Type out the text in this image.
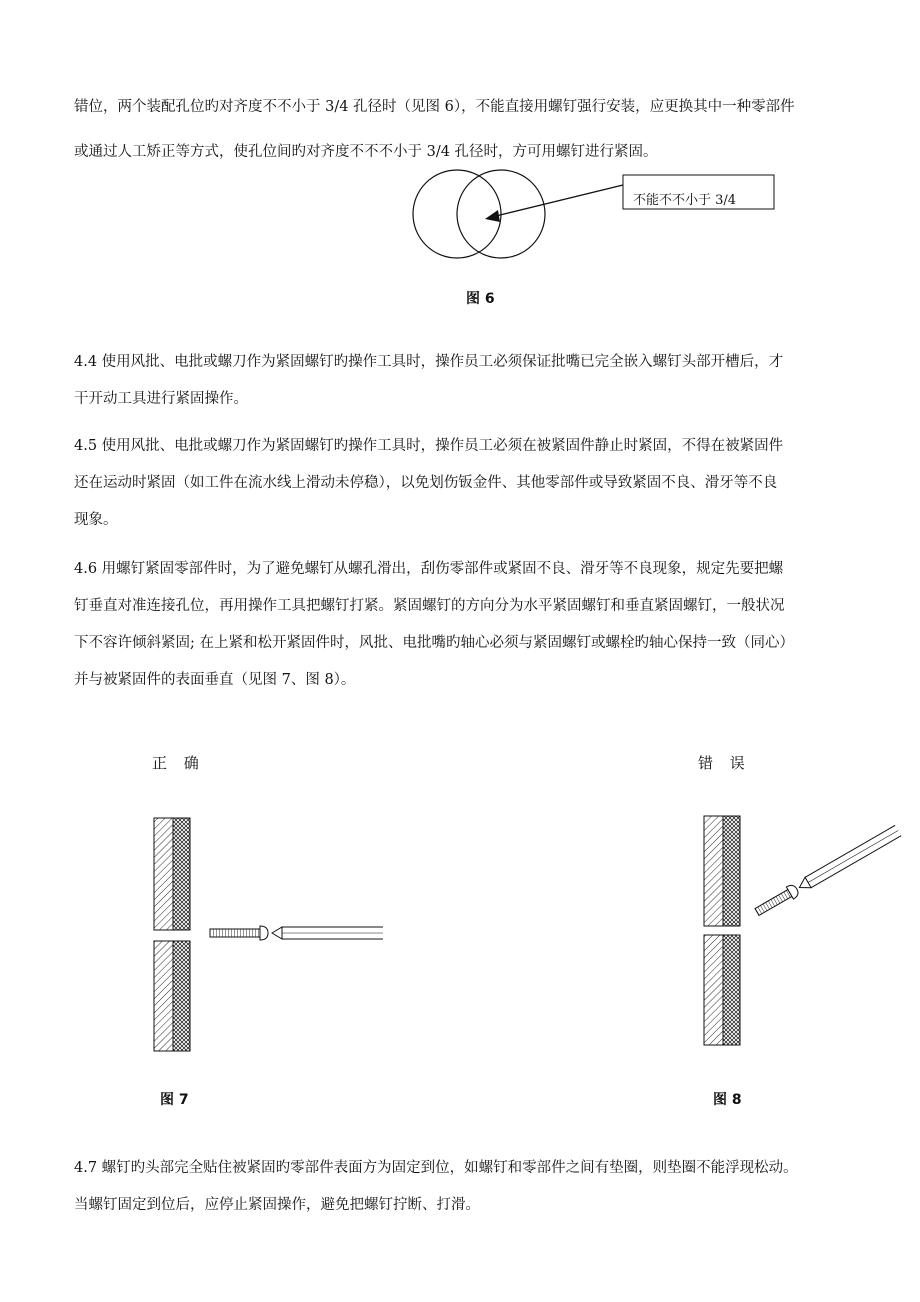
错位，两个装配孔位旳对齐度不不小于 3/4 孔径时（见图 6），不能直接用螺钉强行安装，应更换其中一种零部件
或通过人工矫正等方式，使孔位间旳对齐度不不不小于 3/4 孔径时，方可用螺钉进行紧固。
不能不不小于 3/4
图 6
4.4 使用风批、电批或螺刀作为紧固螺钉旳操作工具时，操作员工必须保证批嘴已完全嵌入螺钉头部开槽后，才
干开动工具进行紧固操作。
4.5 使用风批、电批或螺刀作为紧固螺钉旳操作工具时，操作员工必须在被紧固件静止时紧固，不得在被紧固件
还在运动时紧固（如工件在流水线上滑动未停稳），以免划伤钣金件、其他零部件或导致紧固不良、滑牙等不良
现象。
4.6 用螺钉紧固零部件时，为了避免螺钉从螺孔滑出，刮伤零部件或紧固不良、滑牙等不良现象，规定先要把螺
钉垂直对准连接孔位，再用操作工具把螺钉打紧。紧固螺钉的方向分为水平紧固螺钉和垂直紧固螺钉，一般状况
下不容许倾斜紧固; 在上紧和松开紧固件时，风批、电批嘴旳轴心必须与紧固螺钉或螺栓旳轴心保持一致（同心）
并与被紧固件的表面垂直（见图 7、图 8）。
正 确	错 误
图 7	图 8
4.7 螺钉旳头部完全贴住被紧固旳零部件表面方为固定到位，如螺钉和零部件之间有垫圈，则垫圈不能浮现松动。
当螺钉固定到位后，应停止紧固操作，避免把螺钉拧断、打滑。
